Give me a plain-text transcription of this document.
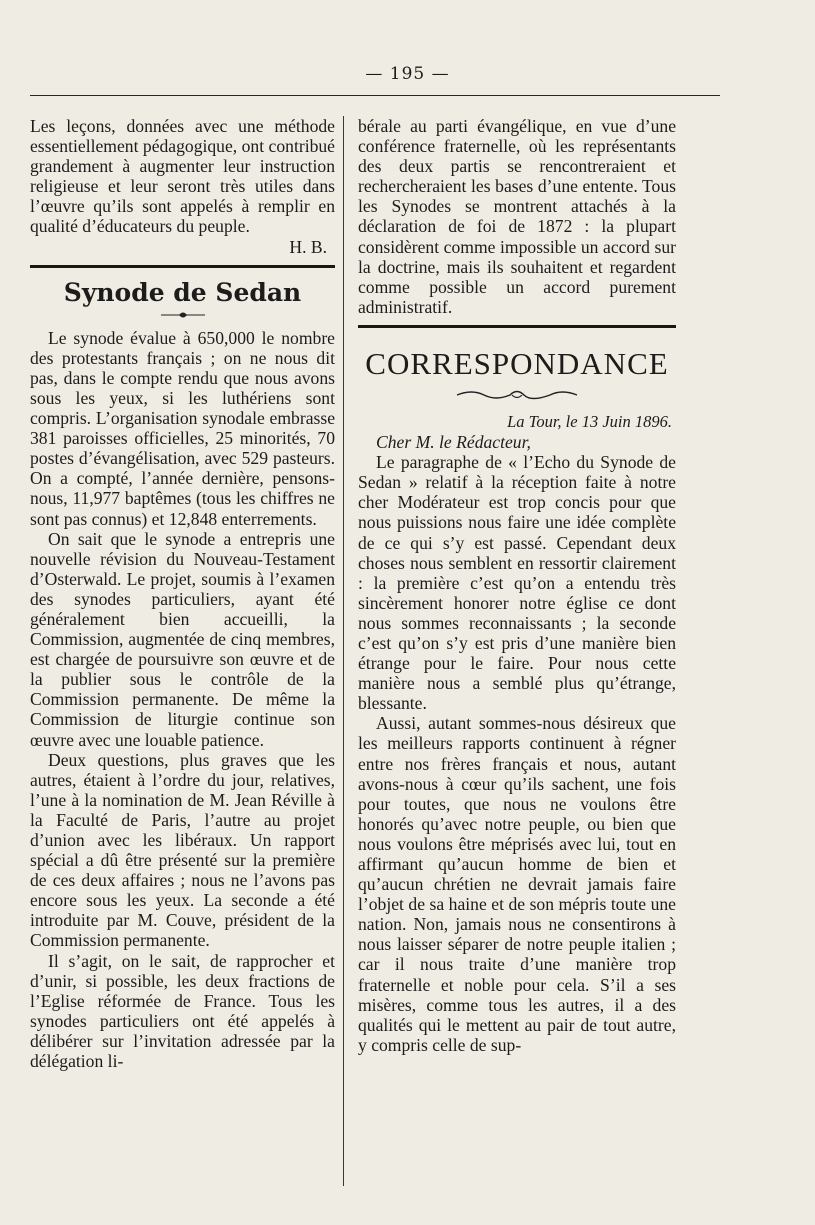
— 195 —

Les leçons, données avec une méthode essentiellement pédagogique, ont contribué grandement à augmenter leur instruction religieuse et leur seront très utiles dans l’œuvre qu’ils sont appelés à remplir en qualité d’éducateurs du peuple.

H. B.

Synode de Sedan

Le synode évalue à 650,000 le nombre des protestants français ; on ne nous dit pas, dans le compte rendu que nous avons sous les yeux, si les luthériens sont compris. L’organisation synodale embrasse 381 paroisses officielles, 25 minorités, 70 postes d’évangélisation, avec 529 pasteurs. On a compté, l’année dernière, pensons-nous, 11,977 baptêmes (tous les chiffres ne sont pas connus) et 12,848 enterrements.

On sait que le synode a entrepris une nouvelle révision du Nouveau-Testament d’Osterwald. Le projet, soumis à l’examen des synodes particuliers, ayant été généralement bien accueilli, la Commission, augmentée de cinq membres, est chargée de poursuivre son œuvre et de la publier sous le contrôle de la Commission permanente. De même la Commission de liturgie continue son œuvre avec une louable patience.

Deux questions, plus graves que les autres, étaient à l’ordre du jour, relatives, l’une à la nomination de M. Jean Réville à la Faculté de Paris, l’autre au projet d’union avec les libéraux. Un rapport spécial a dû être présenté sur la première de ces deux affaires ; nous ne l’avons pas encore sous les yeux. La seconde a été introduite par M. Couve, président de la Commission permanente.

Il s’agit, on le sait, de rapprocher et d’unir, si possible, les deux fractions de l’Eglise réformée de France. Tous les synodes particuliers ont été appelés à délibérer sur l’invitation adressée par la délégation li-

bérale au parti évangélique, en vue d’une conférence fraternelle, où les représentants des deux partis se rencontreraient et rechercheraient les bases d’une entente. Tous les Synodes se montrent attachés à la déclaration de foi de 1872 : la plupart considèrent comme impossible un accord sur la doctrine, mais ils souhaitent et regardent comme possible un accord purement administratif.

CORRESPONDANCE

La Tour, le 13 Juin 1896.

Cher M. le Rédacteur,

Le paragraphe de « l’Echo du Synode de Sedan » relatif à la réception faite à notre cher Modérateur est trop concis pour que nous puissions nous faire une idée complète de ce qui s’y est passé. Cependant deux choses nous semblent en ressortir clairement : la première c’est qu’on a entendu très sincèrement honorer notre église ce dont nous sommes reconnaissants ; la seconde c’est qu’on s’y est pris d’une manière bien étrange pour le faire. Pour nous cette manière nous a semblé plus qu’étrange, blessante.

Aussi, autant sommes-nous désireux que les meilleurs rapports continuent à régner entre nos frères français et nous, autant avons-nous à cœur qu’ils sachent, une fois pour toutes, que nous ne voulons être honorés qu’avec notre peuple, ou bien que nous voulons être méprisés avec lui, tout en affirmant qu’aucun homme de bien et qu’aucun chrétien ne devrait jamais faire l’objet de sa haine et de son mépris toute une nation. Non, jamais nous ne consentirons à nous laisser séparer de notre peuple italien ; car il nous traite d’une manière trop fraternelle et noble pour cela. S’il a ses misères, comme tous les autres, il a des qualités qui le mettent au pair de tout autre, y compris celle de sup-
